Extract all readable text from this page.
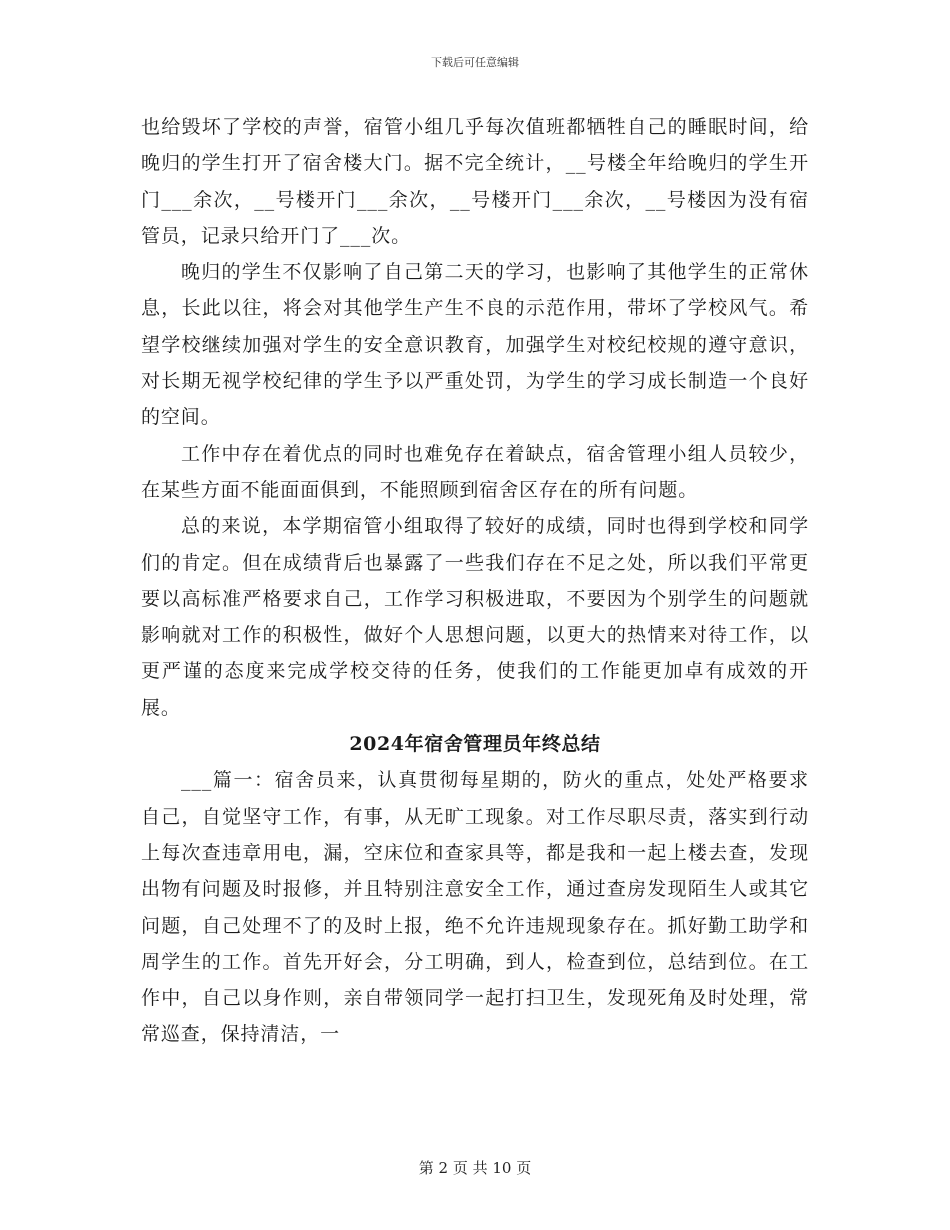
下载后可任意编辑

也给毁坏了学校的声誉，宿管小组几乎每次值班都牺牲自己的睡眠时间，给晚归的学生打开了宿舍楼大门。据不完全统计，__号楼全年给晚归的学生开门___余次，__号楼开门___余次，__号楼开门___余次，__号楼因为没有宿管员，记录只给开门了___次。

晚归的学生不仅影响了自己第二天的学习，也影响了其他学生的正常休息，长此以往，将会对其他学生产生不良的示范作用，带坏了学校风气。希望学校继续加强对学生的安全意识教育，加强学生对校纪校规的遵守意识，对长期无视学校纪律的学生予以严重处罚，为学生的学习成长制造一个良好的空间。

工作中存在着优点的同时也难免存在着缺点，宿舍管理小组人员较少，在某些方面不能面面俱到，不能照顾到宿舍区存在的所有问题。

总的来说，本学期宿管小组取得了较好的成绩，同时也得到学校和同学们的肯定。但在成绩背后也暴露了一些我们存在不足之处，所以我们平常更要以高标准严格要求自己，工作学习积极进取，不要因为个别学生的问题就影响就对工作的积极性，做好个人思想问题，以更大的热情来对待工作，以更严谨的态度来完成学校交待的任务，使我们的工作能更加卓有成效的开展。

2024年宿舍管理员年终总结

___篇一：宿舍员来，认真贯彻每星期的，防火的重点，处处严格要求自己，自觉坚守工作，有事，从无旷工现象。对工作尽职尽责，落实到行动上每次查违章用电，漏，空床位和查家具等，都是我和一起上楼去查，发现出物有问题及时报修，并且特别注意安全工作，通过查房发现陌生人或其它问题，自己处理不了的及时上报，绝不允许违规现象存在。抓好勤工助学和周学生的工作。首先开好会，分工明确，到人，检查到位，总结到位。在工作中，自己以身作则，亲自带领同学一起打扫卫生，发现死角及时处理，常常巡查，保持清洁，一

第 2 页 共 10 页
